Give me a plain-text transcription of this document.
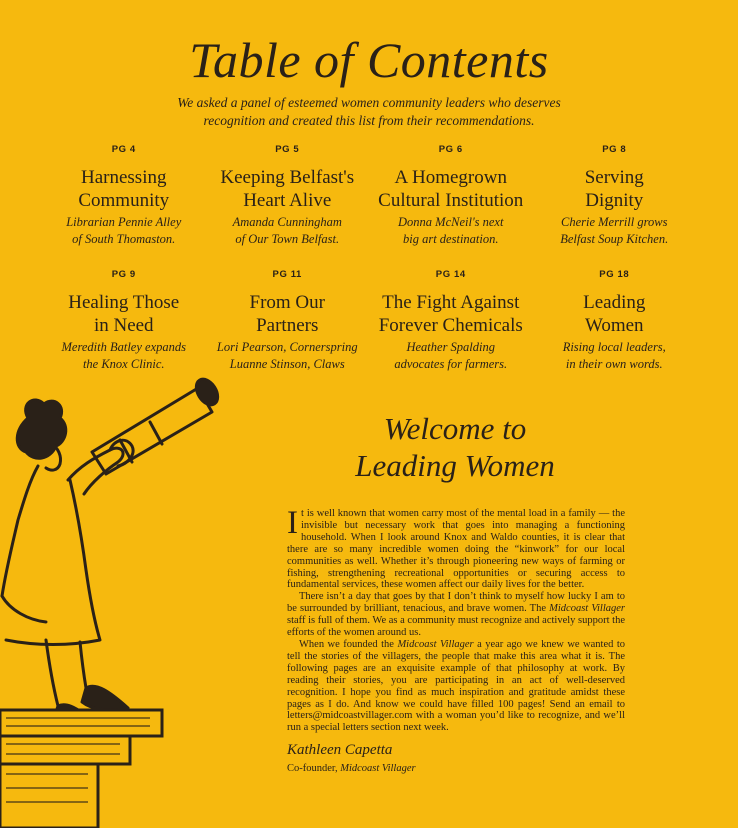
Table of Contents
We asked a panel of esteemed women community leaders who deserves recognition and created this list from their recommendations.
PG 4
Harnessing Community
Librarian Pennie Alley
of South Thomaston.
PG 5
Keeping Belfast's Heart Alive
Amanda Cunningham
of Our Town Belfast.
PG 6
A Homegrown Cultural Institution
Donna McNeil's next
big art destination.
PG 8
Serving Dignity
Cherie Merrill grows
Belfast Soup Kitchen.
PG 9
Healing Those in Need
Meredith Batley expands
the Knox Clinic.
PG 11
From Our Partners
Lori Pearson, Cornerspring
Luanne Stinson, Claws
PG 14
The Fight Against Forever Chemicals
Heather Spalding
advocates for farmers.
PG 18
Leading Women
Rising local leaders,
in their own words.
Welcome to
Leading Women

It is well known that women carry most of the mental load in a family — the invisible but necessary work that goes into managing a functioning household. When I look around Knox and Waldo counties, it is clear that there are so many incredible women doing the “kinwork” for our local communities as well. Whether it’s through pioneering new ways of farming or fishing, strengthening recreational opportunities or securing access to fundamental services, these women affect our daily lives for the better.

There isn’t a day that goes by that I don’t think to myself how lucky I am to be surrounded by brilliant, tenacious, and brave women. The Midcoast Villager staff is full of them. We as a community must recognize and actively support the efforts of the women around us.

When we founded the Midcoast Villager a year ago we knew we wanted to tell the stories of the villagers, the people that make this area what it is. The following pages are an exquisite example of that philosophy at work. By reading their stories, you are participating in an act of well-deserved recognition. I hope you find as much inspiration and gratitude amidst these pages as I do. And know we could have filled 100 pages! Send an email to letters@midcoastvillager.com with a woman you’d like to recognize, and we’ll run a special letters section next week.

Kathleen Capetta
Co-founder, Midcoast Villager
